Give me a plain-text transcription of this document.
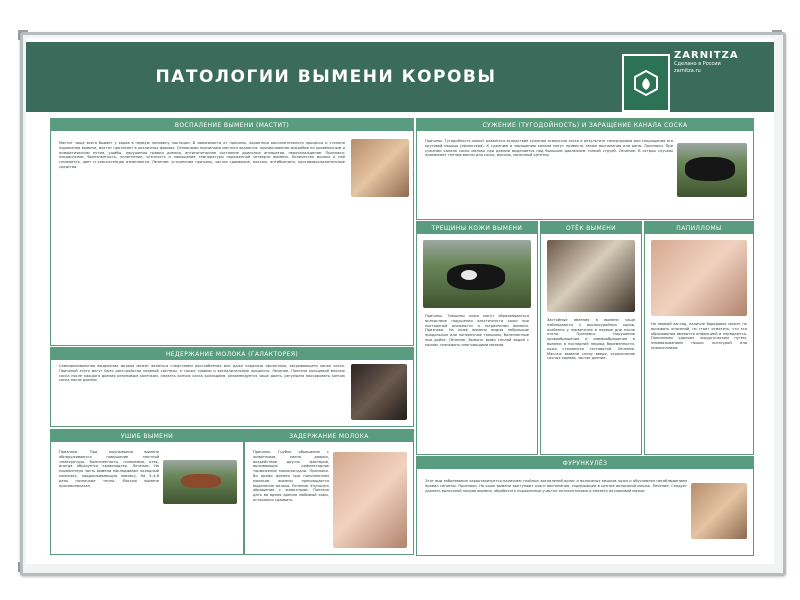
ПАТОЛОГИИ ВЫМЕНИ КОРОВЫ
ZARNITZA
Сделано в России
zarnitza.ru
ВОСПАЛЕНИЕ ВЫМЕНИ (МАСТИТ)
Мастит чаще всего бывает у коров в первую половину лактации. В зависимости от причины, характера воспалительного процесса и степени поражения вымени, мастит протекает в различных формах. Основными причинами мастита являются: проникновение микробов по кровеносным и лимфатическим путям, ушибы, нарушения правил доения, антисанитарное состояние доильных аппаратов, переохлаждение. Признаки: покраснение, болезненность, уплотнение, отечность и повышение температуры пораженной четверти вымени. Количество молока в ней снижается, цвет и консистенция изменяются. Лечение: устранение причины, частое сдаивание, массаж, антибиотики, противовоспалительные средства.
НЕДЕРЖАНИЕ МОЛОКА (ГАЛАКТОРЕЯ)
Самопроизвольное выделение молока может являться следствием расслабления или даже паралича сфинктера, закрывающего канал соска. Причиной этого могут быть расстройства нервной системы, а также травмы и воспалительные процессы. Лечение. Полезно кольцевой массаж соска после каждого доения резиновым колечком, смазать кончик соска коллодием, рекомендуется чаще доить, регулярно массировать кончик соска после доения.
УШИБ ВЫМЕНИ
Признаки. При ощупывании вымени обнаруживаются повышение местной температуры, болезненность, гиперемия, отек, иногда образуется кровоподтек. Лечение. На пораженную часть вымени накладывают холодный компресс, поддерживающую повязку. На 3–4-й день назначают тепло. Массаж вымени противопоказан.
ЗАДЕРЖАНИЕ МОЛОКА
Причины. Грубое обращение с животными, смена доярки, воздействие других факторов, вызывающих рефлекторное торможение молокоотдачи. Признаки. Во время доения при наполненном молоком вымени прекращается выделение молока. Лечение. Улучшить обращение с животными. Полезно дать во время доения любимый корм, осторожно сдаивать.
СУЖЕНИЕ (ТУГОДОЙНОСТЬ) И ЗАРАЩЕНИЕ КАНАЛА СОСКА
Причины. Тугодойность может развиться вследствие сужения отверстия соска в результате гипертрофии или сокращения его круговой мышцы (сфинктера). К сужению и заращению канала могут привести также воспаления или раны. Признаки. При сужении канала соска молоко при доении выделяется под большим давлением тонкой струей. Лечение. В острых случаях применяют теплые ванны для соска, массаж, молочный катетер.
ТРЕЩИНЫ КОЖИ ВЫМЕНИ
Причины. Трещины кожи могут образовываться вследствие нарушения эластичности кожи при постоянной влажности и загрязнении вымени. Признаки. На коже вымени видны небольшие продольные или поперечные трещины, болезненные при дойке. Лечение. Вымыть вымя теплой водой с мылом, смазывать смягчающими мазями.
ОТЁК ВЫМЕНИ
Застойные явления в вымени чаще наблюдаются у высокоудойных коров, особенно у первотелок в первые дни после отела. Признаки. Нарушение кровообращения и лимфообращения в вымени в последний период беременности, кожа становится тестоватой. Лечение. Массаж вымени снизу вверх, ограничение сочных кормов, частое доение.
ПАПИЛЛОМЫ
На первый взгляд, наличие бородавок может не вызывать опасений, но стоит отметить, что эти образования являются инфекцией и передаются. Папилломы удаляют хирургическим путем, перевязыванием ножки лигатурой или прижиганием.
ФУРУНКУЛЁЗ
Этот вид заболевания характеризуется наличием гнойных воспалений волос и волосяных мешков кожи и обусловлен несоблюдением правил гигиены. Признаки. На коже вымени выступают очаги воспаления, содержащие в центре волосяной мешок. Лечение. Следует удалить волосяной покров вымени, обработать пораженные участки антисептиками и смазать ихтиоловой мазью.
